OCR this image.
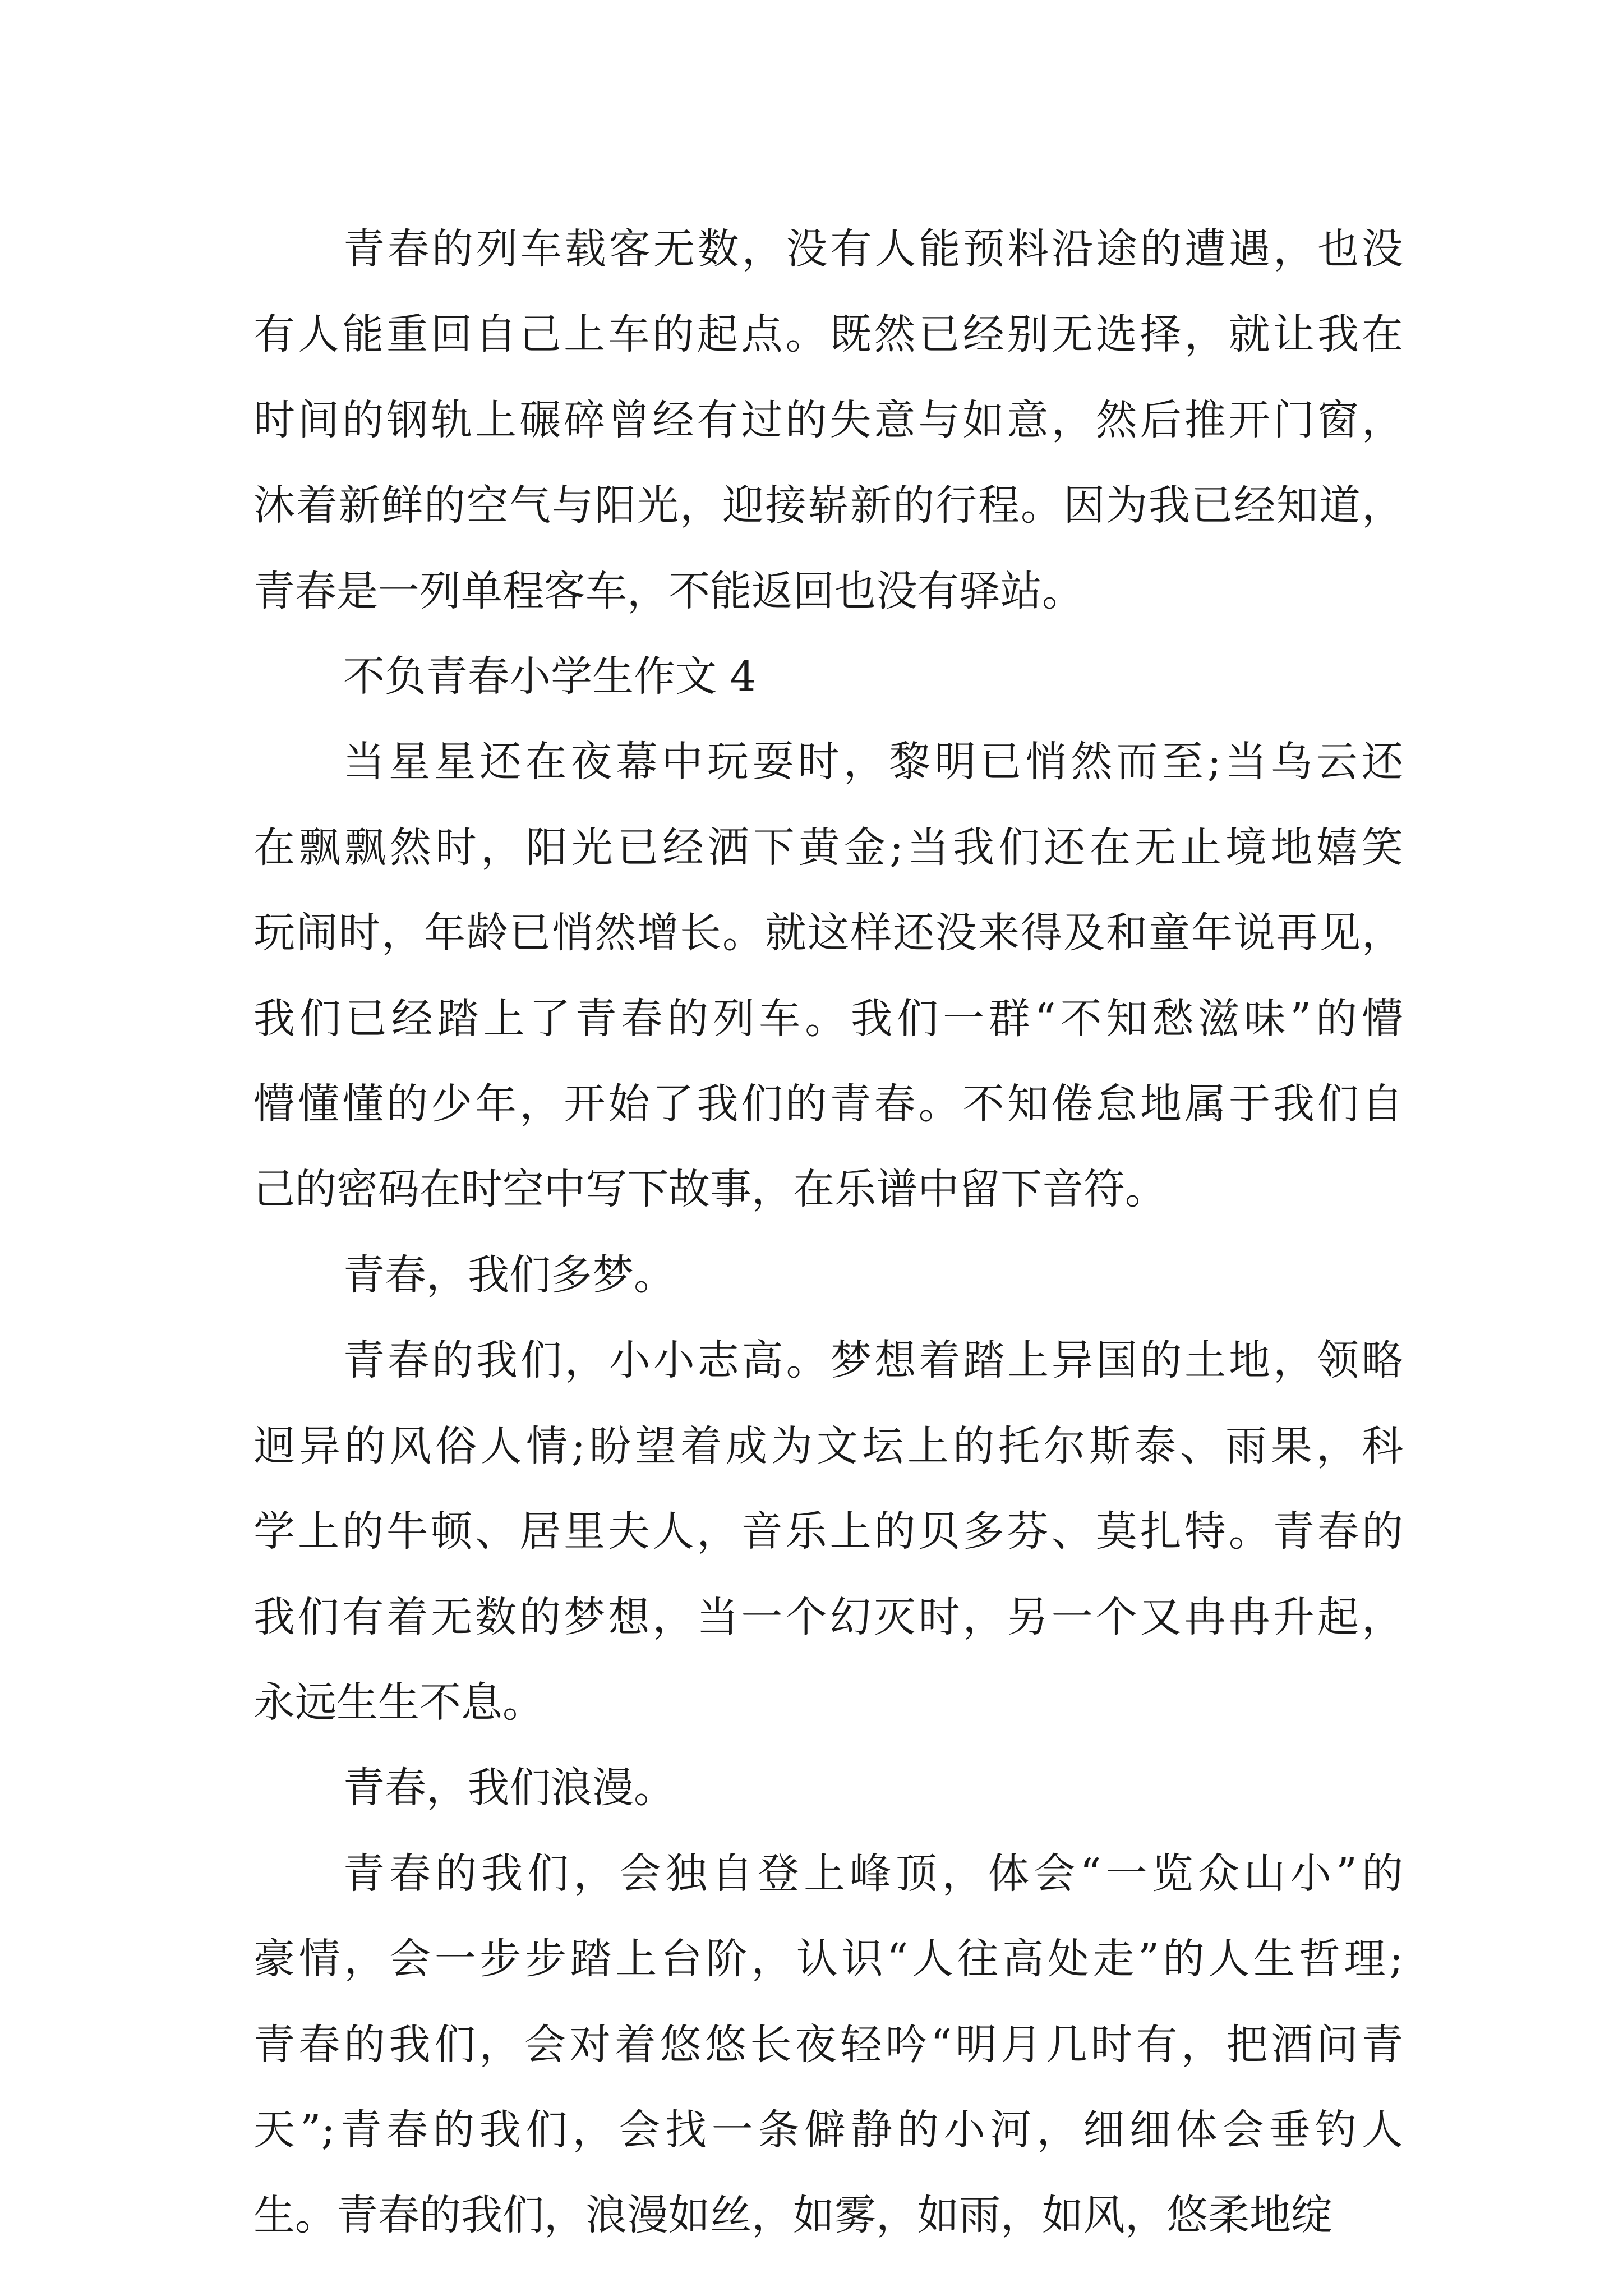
青春的列车载客无数，没有人能预料沿途的遭遇，也没
有人能重回自己上车的起点。既然已经别无选择，就让我在
时间的钢轨上碾碎曾经有过的失意与如意，然后推开门窗，
沐着新鲜的空气与阳光，迎接崭新的行程。因为我已经知道，
青春是一列单程客车，不能返回也没有驿站。
不负青春小学生作文 4
当星星还在夜幕中玩耍时，黎明已悄然而至;当乌云还
在飘飘然时，阳光已经洒下黄金;当我们还在无止境地嬉笑
玩闹时，年龄已悄然增长。就这样还没来得及和童年说再见，
我们已经踏上了青春的列车。我们一群“不知愁滋味”的懵
懵懂懂的少年，开始了我们的青春。不知倦怠地属于我们自
己的密码在时空中写下故事，在乐谱中留下音符。
青春，我们多梦。
青春的我们，小小志高。梦想着踏上异国的土地，领略
迥异的风俗人情;盼望着成为文坛上的托尔斯泰、雨果，科
学上的牛顿、居里夫人，音乐上的贝多芬、莫扎特。青春的
我们有着无数的梦想，当一个幻灭时，另一个又冉冉升起，
永远生生不息。
青春，我们浪漫。
青春的我们，会独自登上峰顶，体会“一览众山小”的
豪情，会一步步踏上台阶，认识“人往高处走”的人生哲理;
青春的我们，会对着悠悠长夜轻吟“明月几时有，把酒问青
天”;青春的我们，会找一条僻静的小河，细细体会垂钓人
生。青春的我们，浪漫如丝，如雾，如雨，如风，悠柔地绽
